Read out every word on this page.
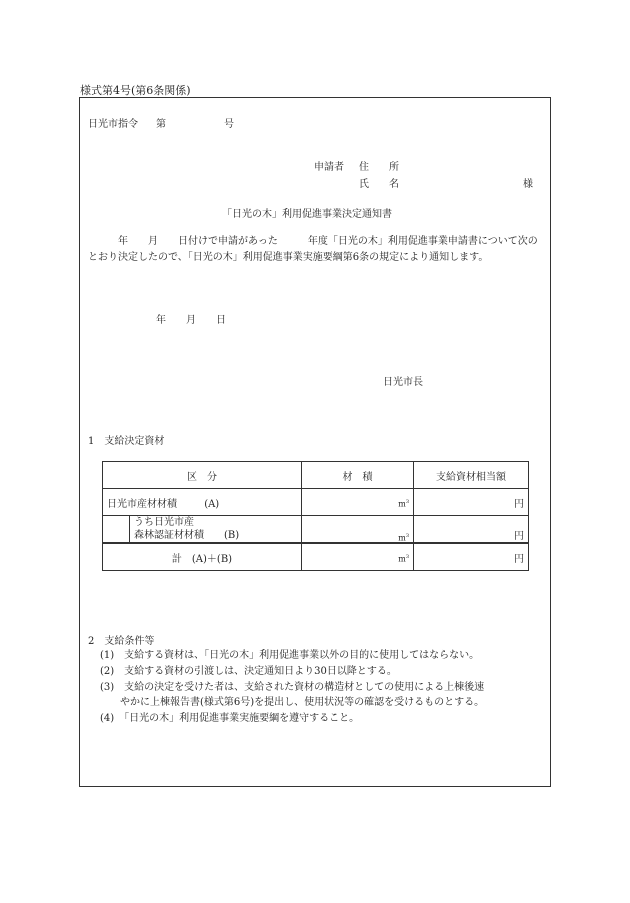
様式第4号(第6条関係)
日光市指令 第	号
申請者 住　　所
氏　　名	様
「日光の木」利用促進事業決定通知書
　　　年　　月　　日付けで申請があった　　　年度「日光の木」利用促進事業申請書について次のとおり決定したので、「日光の木」利用促進事業実施要綱第6条の規定により通知します。
年　　月　　日
日光市長
1　支給決定資材
区　分	材　積	支給資材相当額
日光市産材材積 (A)	$m^3$	円

うち日光市産
森林認証材材積 (B)	$m^3$	円
計　(A)＋(B)	$m^3$	円
2　支給条件等
(1)　支給する資材は、「日光の木」利用促進事業以外の目的に使用してはならない。
(2)　支給する資材の引渡しは、決定通知日より30日以降とする。
(3)　支給の決定を受けた者は、支給された資材の構造材としての使用による上棟後速
　　やかに上棟報告書(様式第6号)を提出し、使用状況等の確認を受けるものとする。
(4)　「日光の木」利用促進事業実施要綱を遵守すること。
